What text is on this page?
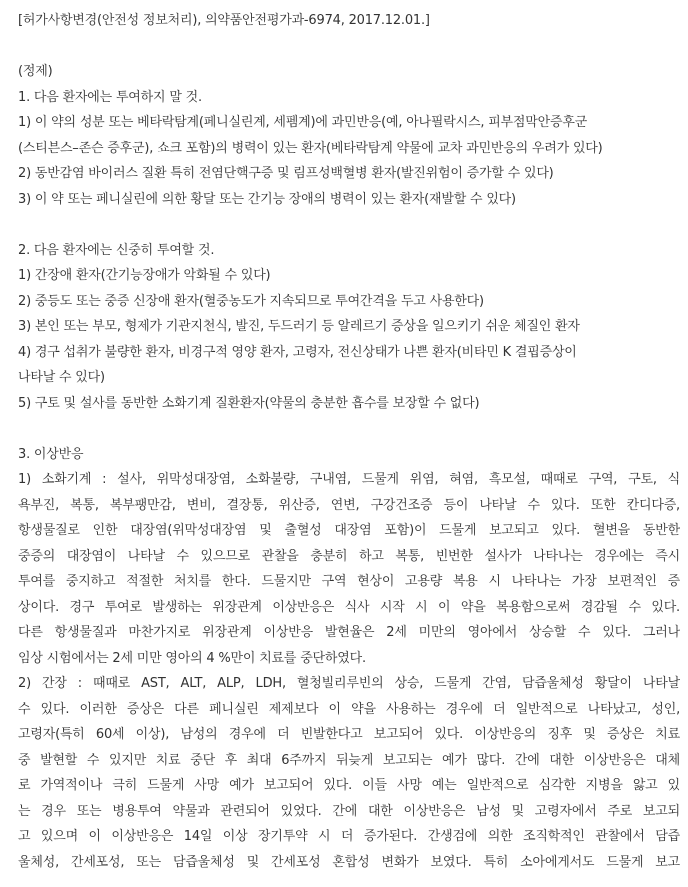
[허가사항변경(안전성 정보처리), 의약품안전평가과-6974, 2017.12.01.]
(정제)
1. 다음 환자에는 투여하지 말 것.
1) 이 약의 성분 또는 베타락탐계(페니실린계, 세펨계)에 과민반응(예, 아나필락시스, 피부점막안증후군
(스티븐스–존슨 증후군), 쇼크 포함)의 병력이 있는 환자(베타락탐계 약물에 교차 과민반응의 우려가 있다)
2) 동반감염 바이러스 질환 특히 전염단핵구증 및 림프성백혈병 환자(발진위험이 증가할 수 있다)
3) 이 약 또는 페니실린에 의한 황달 또는 간기능 장애의 병력이 있는 환자(재발할 수 있다)
2. 다음 환자에는 신중히 투여할 것.
1) 간장애 환자(간기능장애가 악화될 수 있다)
2) 중등도 또는 중증 신장애 환자(혈중농도가 지속되므로 투여간격을 두고 사용한다)
3) 본인 또는 부모, 형제가 기관지천식, 발진, 두드러기 등 알레르기 증상을 일으키기 쉬운 체질인 환자
4) 경구 섭취가 불량한 환자, 비경구적 영양 환자, 고령자, 전신상태가 나쁜 환자(비타민 K 결핍증상이
나타날 수 있다)
5) 구토 및 설사를 동반한 소화기계 질환환자(약물의 충분한 흡수를 보장할 수 없다)
3. 이상반응
1) 소화기계 : 설사, 위막성대장염, 소화불량, 구내염, 드물게 위염, 혀염, 흑모설, 때때로 구역, 구토, 식
욕부진, 복통, 복부팽만감, 변비, 결장통, 위산증, 연변, 구강건조증 등이 나타날 수 있다. 또한 칸디다증,
항생물질로 인한 대장염(위막성대장염 및 출혈성 대장염 포함)이 드물게 보고되고 있다. 혈변을 동반한
중증의 대장염이 나타날 수 있으므로 관찰을 충분히 하고 복통, 빈번한 설사가 나타나는 경우에는 즉시
투여를 중지하고 적절한 처치를 한다. 드물지만 구역 현상이 고용량 복용 시 나타나는 가장 보편적인 증
상이다. 경구 투여로 발생하는 위장관계 이상반응은 식사 시작 시 이 약을 복용함으로써 경감될 수 있다.
다른 항생물질과 마찬가지로 위장관계 이상반응 발현율은 2세 미만의 영아에서 상승할 수 있다. 그러나
임상 시험에서는 2세 미만 영아의 4 %만이 치료를 중단하였다.
2) 간장 : 때때로 AST, ALT, ALP, LDH, 혈청빌리루빈의 상승, 드물게 간염, 담즙울체성 황달이 나타날
수 있다. 이러한 증상은 다른 페니실린 제제보다 이 약을 사용하는 경우에 더 일반적으로 나타났고, 성인,
고령자(특히 60세 이상), 남성의 경우에 더 빈발한다고 보고되어 있다. 이상반응의 징후 및 증상은 치료
중 발현할 수 있지만 치료 중단 후 최대 6주까지 뒤늦게 보고되는 예가 많다. 간에 대한 이상반응은 대체
로 가역적이나 극히 드물게 사망 예가 보고되어 있다. 이들 사망 예는 일반적으로 심각한 지병을 앓고 있
는 경우 또는 병용투여 약물과 관련되어 있었다. 간에 대한 이상반응은 남성 및 고령자에서 주로 보고되
고 있으며 이 이상반응은 14일 이상 장기투약 시 더 증가된다. 간생검에 의한 조직학적인 관찰에서 담즙
울체성, 간세포성, 또는 담즙울체성 및 간세포성 혼합성 변화가 보였다. 특히 소아에게서도 드물게 보고
